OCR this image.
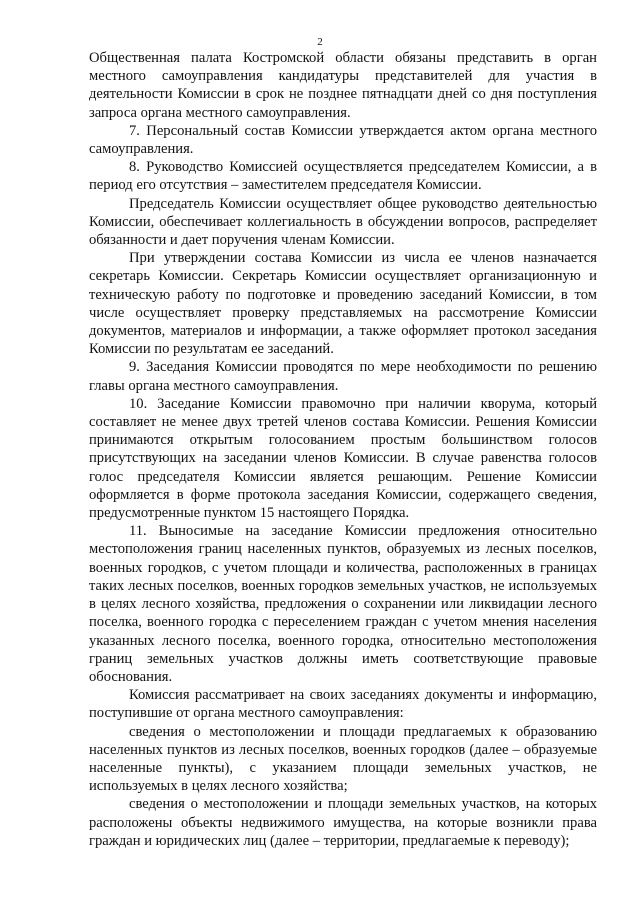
2

Общественная палата Костромской области обязаны представить в орган местного самоуправления кандидатуры представителей для участия в деятельности Комиссии в срок не позднее пятнадцати дней со дня поступления запроса органа местного самоуправления.

7. Персональный состав Комиссии утверждается актом органа местного самоуправления.

8. Руководство Комиссией осуществляется председателем Комиссии, а в период его отсутствия – заместителем председателя Комиссии.

Председатель Комиссии осуществляет общее руководство деятельностью Комиссии, обеспечивает коллегиальность в обсуждении вопросов, распределяет обязанности и дает поручения членам Комиссии.

При утверждении состава Комиссии из числа ее членов назначается секретарь Комиссии. Секретарь Комиссии осуществляет организационную и техническую работу по подготовке и проведению заседаний Комиссии, в том числе осуществляет проверку представляемых на рассмотрение Комиссии документов, материалов и информации, а также оформляет протокол заседания Комиссии по результатам ее заседаний.

9. Заседания Комиссии проводятся по мере необходимости по решению главы органа местного самоуправления.

10. Заседание Комиссии правомочно при наличии кворума, который составляет не менее двух третей членов состава Комиссии. Решения Комиссии принимаются открытым голосованием простым большинством голосов присутствующих на заседании членов Комиссии. В случае равенства голосов голос председателя Комиссии является решающим. Решение Комиссии оформляется в форме протокола заседания Комиссии, содержащего сведения, предусмотренные пунктом 15 настоящего Порядка.

11. Выносимые на заседание Комиссии предложения относительно местоположения границ населенных пунктов, образуемых из лесных поселков, военных городков, с учетом площади и количества, расположенных в границах таких лесных поселков, военных городков земельных участков, не используемых в целях лесного хозяйства, предложения о сохранении или ликвидации лесного поселка, военного городка с переселением граждан с учетом мнения населения указанных лесного поселка, военного городка, относительно местоположения границ земельных участков должны иметь соответствующие правовые обоснования.

Комиссия рассматривает на своих заседаниях документы и информацию, поступившие от органа местного самоуправления:

сведения о местоположении и площади предлагаемых к образованию населенных пунктов из лесных поселков, военных городков (далее – образуемые населенные пункты), с указанием площади земельных участков, не используемых в целях лесного хозяйства;

сведения о местоположении и площади земельных участков, на которых расположены объекты недвижимого имущества, на которые возникли права граждан и юридических лиц (далее – территории, предлагаемые к переводу);
